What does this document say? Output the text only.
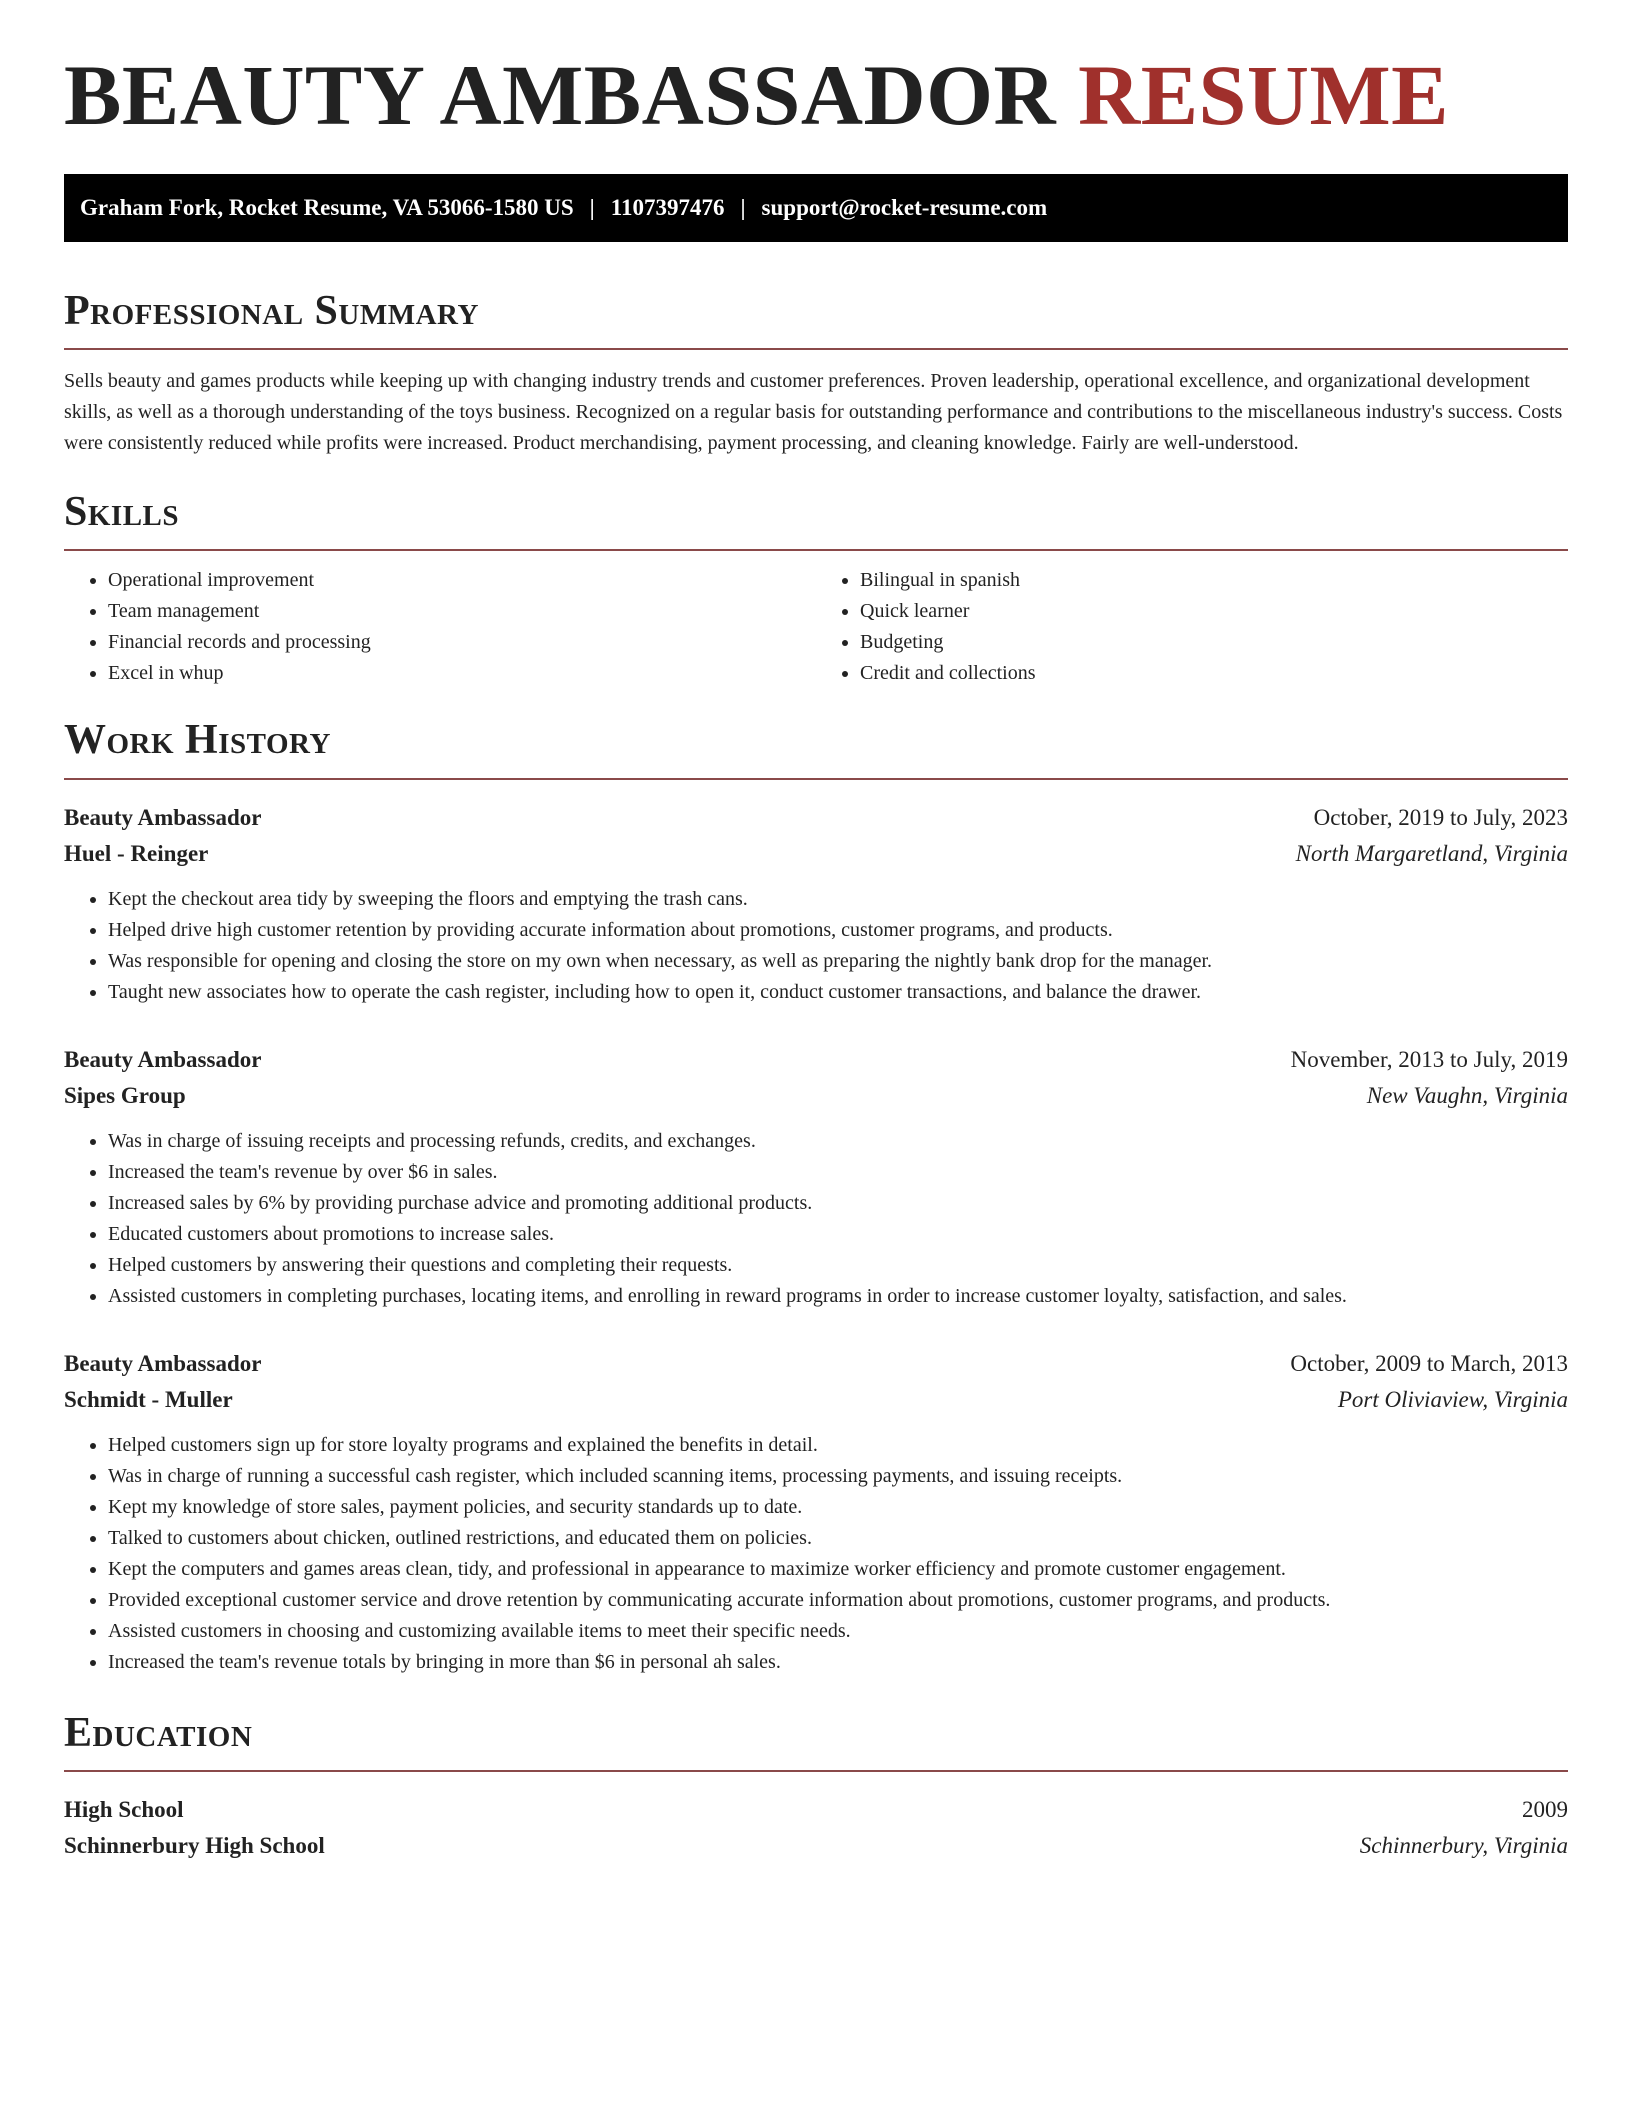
BEAUTY AMBASSADOR RESUME
Graham Fork, Rocket Resume, VA 53066-1580 US | 1107397476 | support@rocket-resume.com
Professional Summary

Sells beauty and games products while keeping up with changing industry trends and customer preferences. Proven leadership, operational excellence, and organizational development skills, as well as a thorough understanding of the toys business. Recognized on a regular basis for outstanding performance and contributions to the miscellaneous industry's success. Costs were consistently reduced while profits were increased. Product merchandising, payment processing, and cleaning knowledge. Fairly are well-understood.

Skills
• Operational improvement
• Team management
• Financial records and processing
• Excel in whup
• Bilingual in spanish
• Quick learner
• Budgeting
• Credit and collections
Work History
Beauty Ambassador	October, 2019 to July, 2023
Huel - Reinger	North Margaretland, Virginia
• Kept the checkout area tidy by sweeping the floors and emptying the trash cans.
• Helped drive high customer retention by providing accurate information about promotions, customer programs, and products.
• Was responsible for opening and closing the store on my own when necessary, as well as preparing the nightly bank drop for the manager.
• Taught new associates how to operate the cash register, including how to open it, conduct customer transactions, and balance the drawer.
Beauty Ambassador	November, 2013 to July, 2019
Sipes Group	New Vaughn, Virginia
• Was in charge of issuing receipts and processing refunds, credits, and exchanges.
• Increased the team's revenue by over $6 in sales.
• Increased sales by 6% by providing purchase advice and promoting additional products.
• Educated customers about promotions to increase sales.
• Helped customers by answering their questions and completing their requests.
• Assisted customers in completing purchases, locating items, and enrolling in reward programs in order to increase customer loyalty, satisfaction, and sales.
Beauty Ambassador	October, 2009 to March, 2013
Schmidt - Muller	Port Oliviaview, Virginia
• Helped customers sign up for store loyalty programs and explained the benefits in detail.
• Was in charge of running a successful cash register, which included scanning items, processing payments, and issuing receipts.
• Kept my knowledge of store sales, payment policies, and security standards up to date.
• Talked to customers about chicken, outlined restrictions, and educated them on policies.
• Kept the computers and games areas clean, tidy, and professional in appearance to maximize worker efficiency and promote customer engagement.
• Provided exceptional customer service and drove retention by communicating accurate information about promotions, customer programs, and products.
• Assisted customers in choosing and customizing available items to meet their specific needs.
• Increased the team's revenue totals by bringing in more than $6 in personal ah sales.
Education
High School	2009
Schinnerbury High School	Schinnerbury, Virginia
